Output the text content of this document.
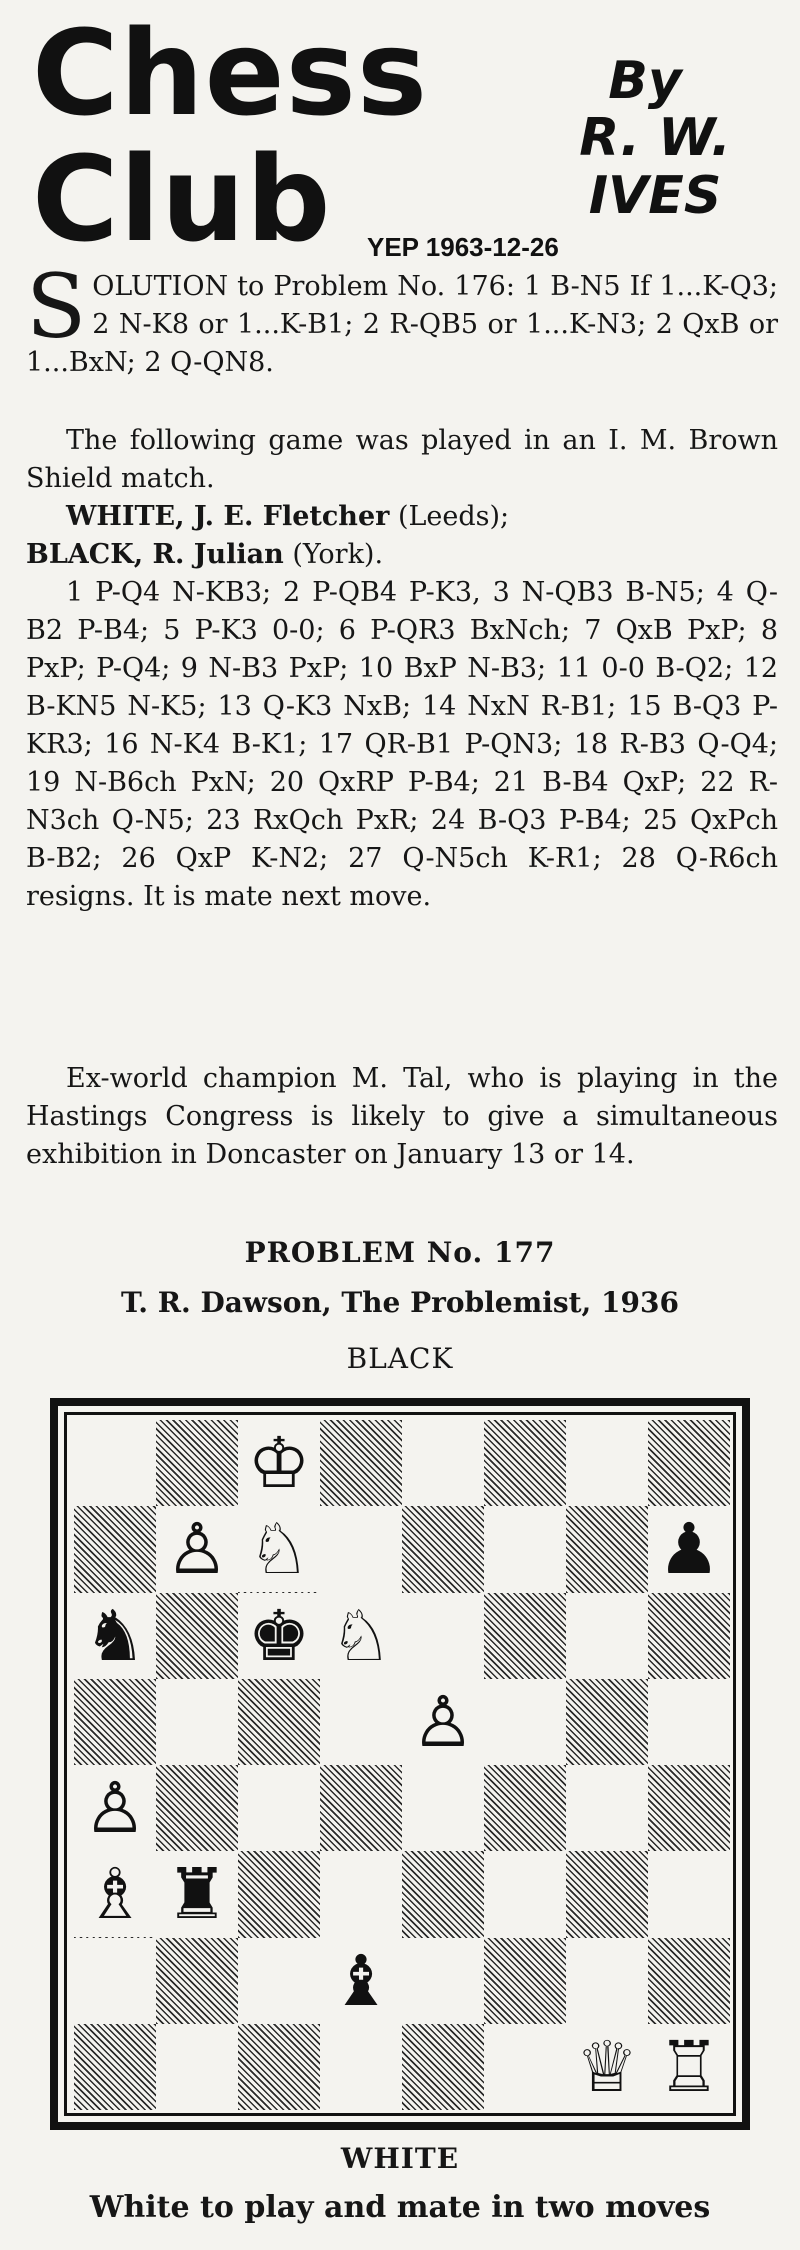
Chess
Club
By
R. W.
IVES
YEP 1963-12-26

SOLUTION to Problem No. 176: 1 B-N5 If 1...K-Q3; 2 N-K8 or 1...K-B1; 2 R-QB5 or 1...K-N3; 2 QxB or 1...BxN; 2 Q-QN8.

The following game was played in an I. M. Brown Shield match.

WHITE, J. E. Fletcher (Leeds);
BLACK, R. Julian (York).

1 P-Q4 N-KB3; 2 P-QB4 P-K3, 3 N-QB3 B-N5; 4 Q-B2 P-B4; 5 P-K3 0-0; 6 P-QR3 BxNch; 7 QxB PxP; 8 PxP; P-Q4; 9 N-B3 PxP; 10 BxP N-B3; 11 0-0 B-Q2; 12 B-KN5 N-K5; 13 Q-K3 NxB; 14 NxN R-B1; 15 B-Q3 P-KR3; 16 N-K4 B-K1; 17 QR-B1 P-QN3; 18 R-B3 Q-Q4; 19 N-B6ch PxN; 20 QxRP P-B4; 21 B-B4 QxP; 22 R-N3ch Q-N5; 23 RxQch PxR; 24 B-Q3 P-B4; 25 QxPch B-B2; 26 QxP K-N2; 27 Q-N5ch K-R1; 28 Q-R6ch resigns. It is mate next move.

Ex-world champion M. Tal, who is playing in the Hastings Congress is likely to give a simultaneous exhibition in Doncaster on January 13 or 14.

PROBLEM No. 177

T. R. Dawson, The Problemist, 1936

BLACK

♔
♙ ♘	♟
♞ ♚ ♘
♙
♙
♗ ♜
♝
♕ ♖

WHITE

White to play and mate in two moves
